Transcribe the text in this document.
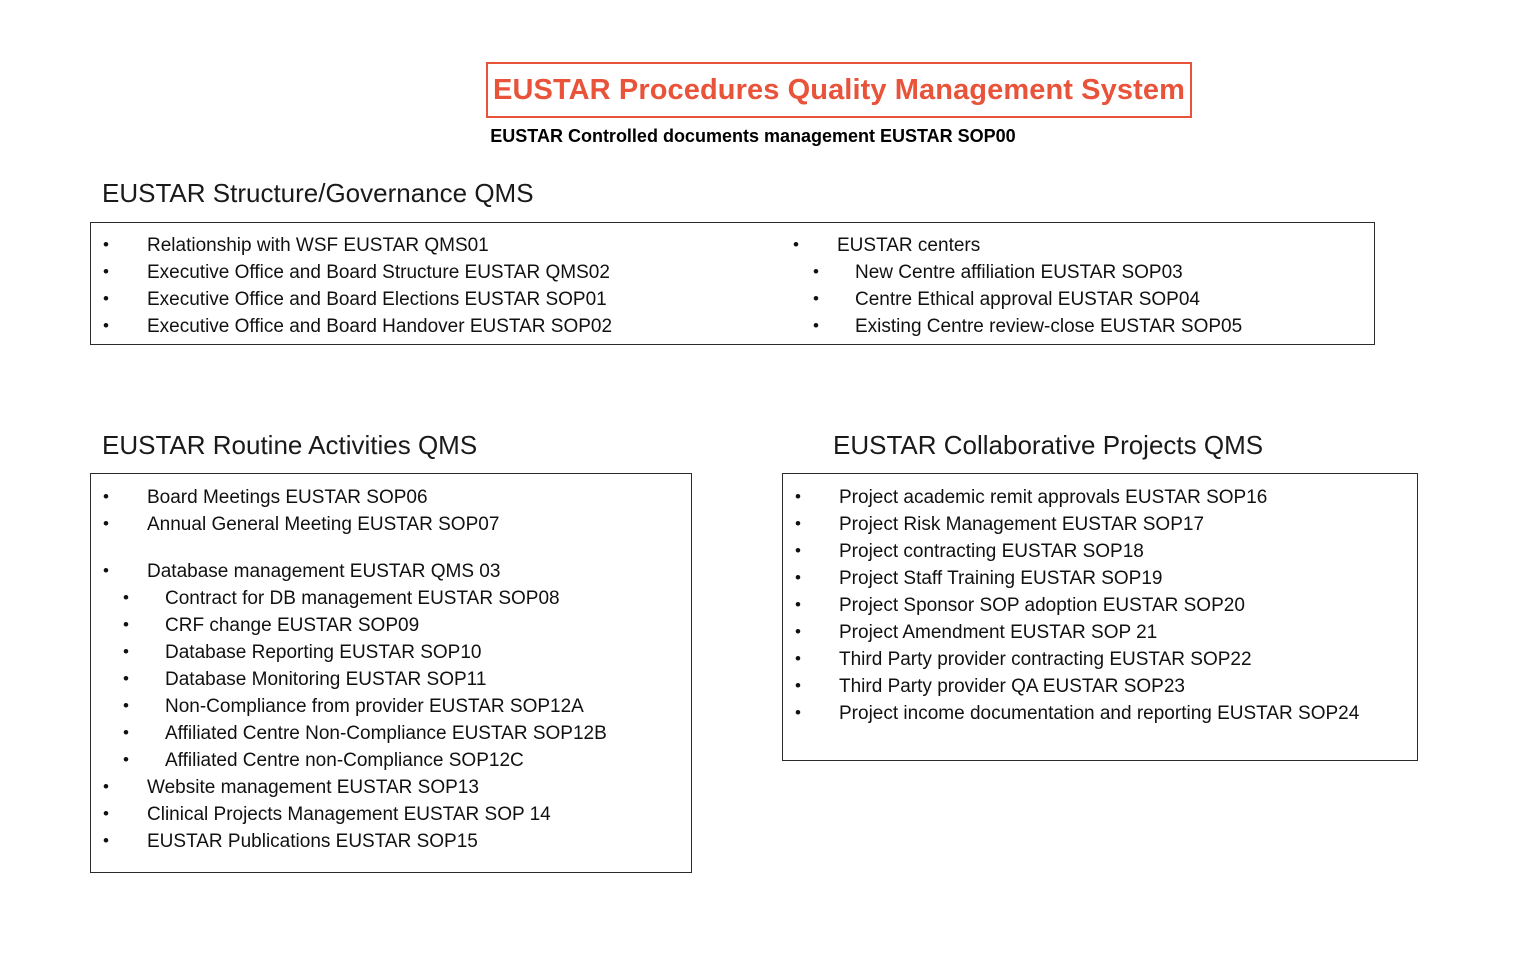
EUSTAR Procedures Quality Management System
EUSTAR Controlled documents management EUSTAR SOP00
EUSTAR Structure/Governance QMS
• Relationship with WSF EUSTAR QMS01
• Executive Office and Board Structure EUSTAR QMS02
• Executive Office and Board Elections EUSTAR SOP01
• Executive Office and Board Handover EUSTAR SOP02
• EUSTAR centers
• New Centre affiliation EUSTAR SOP03
• Centre Ethical approval EUSTAR SOP04
• Existing Centre review-close EUSTAR SOP05
EUSTAR Routine Activities QMS
• Board Meetings EUSTAR SOP06
• Annual General Meeting EUSTAR SOP07
• Database management EUSTAR QMS 03
• Contract for DB management EUSTAR SOP08
• CRF change EUSTAR SOP09
• Database Reporting EUSTAR SOP10
• Database Monitoring EUSTAR SOP11
• Non-Compliance from provider EUSTAR SOP12A
• Affiliated Centre Non-Compliance EUSTAR SOP12B
• Affiliated Centre non-Compliance SOP12C
• Website management EUSTAR SOP13
• Clinical Projects Management EUSTAR SOP 14
• EUSTAR Publications EUSTAR SOP15
EUSTAR Collaborative Projects QMS
• Project academic remit approvals EUSTAR SOP16
• Project Risk Management EUSTAR SOP17
• Project contracting EUSTAR SOP18
• Project Staff Training EUSTAR SOP19
• Project Sponsor SOP adoption EUSTAR SOP20
• Project Amendment EUSTAR SOP 21
• Third Party provider contracting EUSTAR SOP22
• Third Party provider QA EUSTAR SOP23
• Project income documentation and reporting EUSTAR SOP24
